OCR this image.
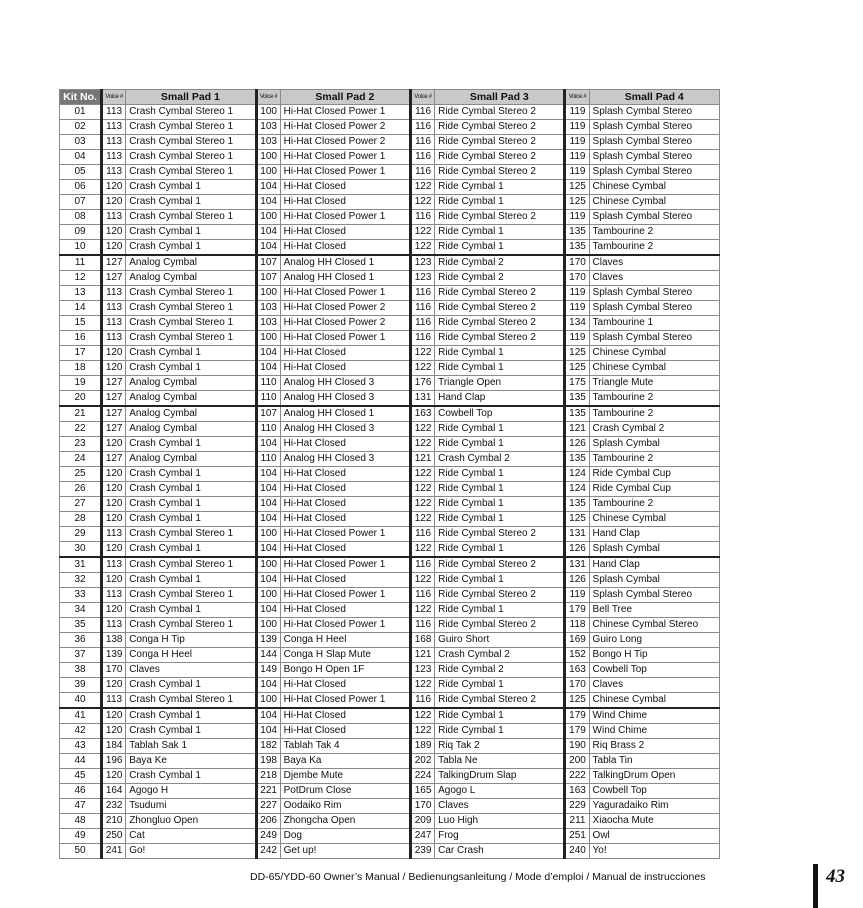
Kit No.	Voice #	Small Pad 1	Voice #	Small Pad 2	Voice #	Small Pad 3	Voice #	Small Pad 4
01	113	Crash Cymbal Stereo 1	100	Hi-Hat Closed Power 1	116	Ride Cymbal Stereo 2	119	Splash Cymbal Stereo
02	113	Crash Cymbal Stereo 1	103	Hi-Hat Closed Power 2	116	Ride Cymbal Stereo 2	119	Splash Cymbal Stereo
03	113	Crash Cymbal Stereo 1	103	Hi-Hat Closed Power 2	116	Ride Cymbal Stereo 2	119	Splash Cymbal Stereo
04	113	Crash Cymbal Stereo 1	100	Hi-Hat Closed Power 1	116	Ride Cymbal Stereo 2	119	Splash Cymbal Stereo
05	113	Crash Cymbal Stereo 1	100	Hi-Hat Closed Power 1	116	Ride Cymbal Stereo 2	119	Splash Cymbal Stereo
06	120	Crash Cymbal 1	104	Hi-Hat Closed	122	Ride Cymbal 1	125	Chinese Cymbal
07	120	Crash Cymbal 1	104	Hi-Hat Closed	122	Ride Cymbal 1	125	Chinese Cymbal
08	113	Crash Cymbal Stereo 1	100	Hi-Hat Closed Power 1	116	Ride Cymbal Stereo 2	119	Splash Cymbal Stereo
09	120	Crash Cymbal 1	104	Hi-Hat Closed	122	Ride Cymbal 1	135	Tambourine 2
10	120	Crash Cymbal 1	104	Hi-Hat Closed	122	Ride Cymbal 1	135	Tambourine 2
11	127	Analog Cymbal	107	Analog HH Closed 1	123	Ride Cymbal 2	170	Claves
12	127	Analog Cymbal	107	Analog HH Closed 1	123	Ride Cymbal 2	170	Claves
13	113	Crash Cymbal Stereo 1	100	Hi-Hat Closed Power 1	116	Ride Cymbal Stereo 2	119	Splash Cymbal Stereo
14	113	Crash Cymbal Stereo 1	103	Hi-Hat Closed Power 2	116	Ride Cymbal Stereo 2	119	Splash Cymbal Stereo
15	113	Crash Cymbal Stereo 1	103	Hi-Hat Closed Power 2	116	Ride Cymbal Stereo 2	134	Tambourine 1
16	113	Crash Cymbal Stereo 1	100	Hi-Hat Closed Power 1	116	Ride Cymbal Stereo 2	119	Splash Cymbal Stereo
17	120	Crash Cymbal 1	104	Hi-Hat Closed	122	Ride Cymbal 1	125	Chinese Cymbal
18	120	Crash Cymbal 1	104	Hi-Hat Closed	122	Ride Cymbal 1	125	Chinese Cymbal
19	127	Analog Cymbal	110	Analog HH Closed 3	176	Triangle Open	175	Triangle Mute
20	127	Analog Cymbal	110	Analog HH Closed 3	131	Hand Clap	135	Tambourine 2
21	127	Analog Cymbal	107	Analog HH Closed 1	163	Cowbell Top	135	Tambourine 2
22	127	Analog Cymbal	110	Analog HH Closed 3	122	Ride Cymbal 1	121	Crash Cymbal 2
23	120	Crash Cymbal 1	104	Hi-Hat Closed	122	Ride Cymbal 1	126	Splash Cymbal
24	127	Analog Cymbal	110	Analog HH Closed 3	121	Crash Cymbal 2	135	Tambourine 2
25	120	Crash Cymbal 1	104	Hi-Hat Closed	122	Ride Cymbal 1	124	Ride Cymbal Cup
26	120	Crash Cymbal 1	104	Hi-Hat Closed	122	Ride Cymbal 1	124	Ride Cymbal Cup
27	120	Crash Cymbal 1	104	Hi-Hat Closed	122	Ride Cymbal 1	135	Tambourine 2
28	120	Crash Cymbal 1	104	Hi-Hat Closed	122	Ride Cymbal 1	125	Chinese Cymbal
29	113	Crash Cymbal Stereo 1	100	Hi-Hat Closed Power 1	116	Ride Cymbal Stereo 2	131	Hand Clap
30	120	Crash Cymbal 1	104	Hi-Hat Closed	122	Ride Cymbal 1	126	Splash Cymbal
31	113	Crash Cymbal Stereo 1	100	Hi-Hat Closed Power 1	116	Ride Cymbal Stereo 2	131	Hand Clap
32	120	Crash Cymbal 1	104	Hi-Hat Closed	122	Ride Cymbal 1	126	Splash Cymbal
33	113	Crash Cymbal Stereo 1	100	Hi-Hat Closed Power 1	116	Ride Cymbal Stereo 2	119	Splash Cymbal Stereo
34	120	Crash Cymbal 1	104	Hi-Hat Closed	122	Ride Cymbal 1	179	Bell Tree
35	113	Crash Cymbal Stereo 1	100	Hi-Hat Closed Power 1	116	Ride Cymbal Stereo 2	118	Chinese Cymbal Stereo
36	138	Conga H Tip	139	Conga H Heel	168	Guiro Short	169	Guiro Long
37	139	Conga H Heel	144	Conga H Slap Mute	121	Crash Cymbal 2	152	Bongo H Tip
38	170	Claves	149	Bongo H Open 1F	123	Ride Cymbal 2	163	Cowbell Top
39	120	Crash Cymbal 1	104	Hi-Hat Closed	122	Ride Cymbal 1	170	Claves
40	113	Crash Cymbal Stereo 1	100	Hi-Hat Closed Power 1	116	Ride Cymbal Stereo 2	125	Chinese Cymbal
41	120	Crash Cymbal 1	104	Hi-Hat Closed	122	Ride Cymbal 1	179	Wind Chime
42	120	Crash Cymbal 1	104	Hi-Hat Closed	122	Ride Cymbal 1	179	Wind Chime
43	184	Tablah Sak 1	182	Tablah Tak 4	189	Riq Tak 2	190	Riq Brass 2
44	196	Baya Ke	198	Baya Ka	202	Tabla Ne	200	Tabla Tin
45	120	Crash Cymbal 1	218	Djembe Mute	224	TalkingDrum Slap	222	TalkingDrum Open
46	164	Agogo H	221	PotDrum Close	165	Agogo L	163	Cowbell Top
47	232	Tsudumi	227	Oodaiko Rim	170	Claves	229	Yaguradaiko Rim
48	210	Zhongluo Open	206	Zhongcha Open	209	Luo High	211	Xiaocha Mute
49	250	Cat	249	Dog	247	Frog	251	Owl
50	241	Go!	242	Get up!	239	Car Crash	240	Yo!
DD-65/YDD-60 Owner’s Manual / Bedienungsanleitung / Mode d’emploi / Manual de instrucciones	43
